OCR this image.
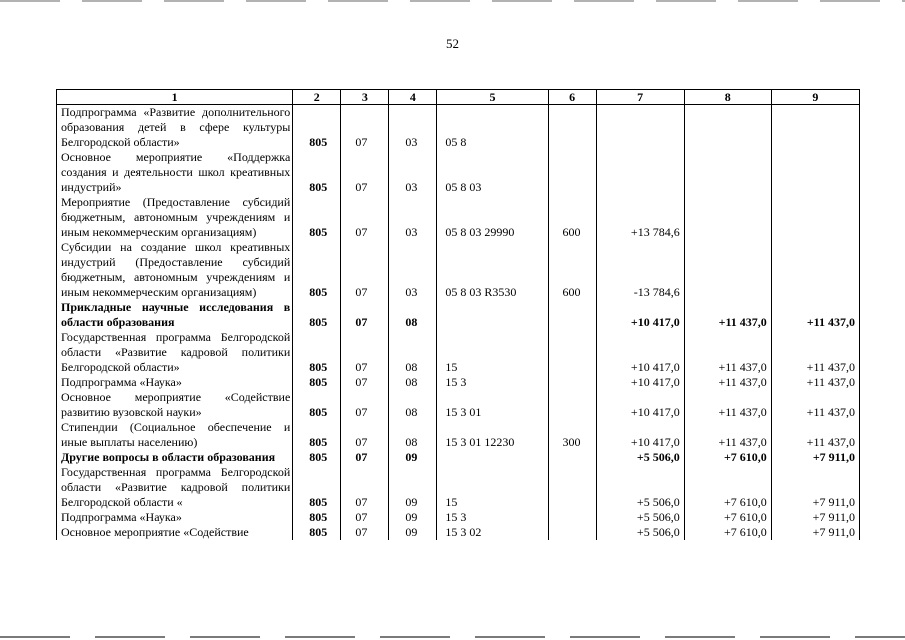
52
1	2	3	4	5	6	7	8	9
Подпрограмма «Развитие дополнительного образования детей в сфере культуры Белгородской области»	805	07	03	05 8				
Основное мероприятие «Поддержка создания и деятельности школ креативных индустрий»	805	07	03	05 8 03				
Мероприятие (Предоставление субсидий бюджетным, автономным учреждениям и иным некоммерческим организациям)	805	07	03	05 8 03 29990	600	+13 784,6		
Субсидии на создание школ креативных индустрий (Предоставление субсидий бюджетным, автономным учреждениям и иным некоммерческим организациям)	805	07	03	05 8 03 R3530	600	-13 784,6		
Прикладные научные исследования в области образования	805	07	08			+10 417,0	+11 437,0	+11 437,0
Государственная программа Белгородской области «Развитие кадровой политики Белгородской области»	805	07	08	15		+10 417,0	+11 437,0	+11 437,0
Подпрограмма «Наука»	805	07	08	15 3		+10 417,0	+11 437,0	+11 437,0
Основное мероприятие «Содействие развитию вузовской науки»	805	07	08	15 3 01		+10 417,0	+11 437,0	+11 437,0
Стипендии (Социальное обеспечение и иные выплаты населению)	805	07	08	15 3 01 12230	300	+10 417,0	+11 437,0	+11 437,0
Другие вопросы в области образования	805	07	09			+5 506,0	+7 610,0	+7 911,0
Государственная программа Белгородской области «Развитие кадровой политики Белгородской области «	805	07	09	15		+5 506,0	+7 610,0	+7 911,0
Подпрограмма «Наука»	805	07	09	15 3		+5 506,0	+7 610,0	+7 911,0
Основное мероприятие «Содействие	805	07	09	15 3 02		+5 506,0	+7 610,0	+7 911,0
